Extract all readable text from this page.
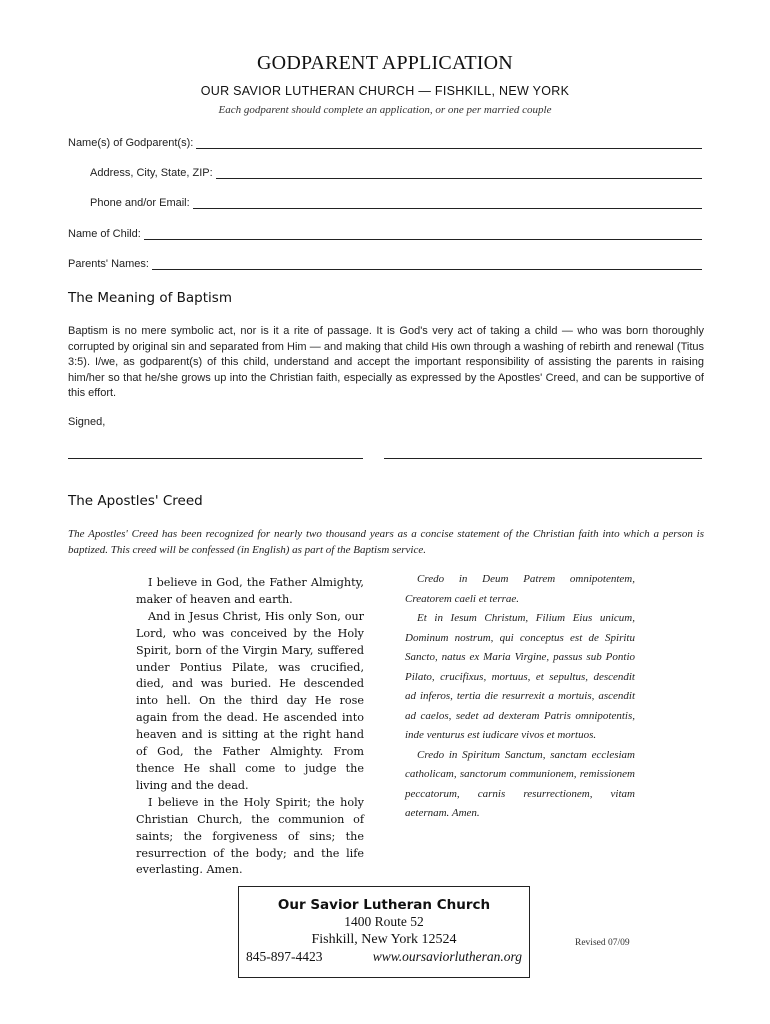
GODPARENT APPLICATION
OUR SAVIOR LUTHERAN CHURCH — FISHKILL, NEW YORK
Each godparent should complete an application, or one per married couple
Name(s) of Godparent(s):
Address, City, State, ZIP:
Phone and/or Email:
Name of Child:
Parents' Names:
The Meaning of Baptism
Baptism is no mere symbolic act, nor is it a rite of passage. It is God's very act of taking a child — who was born thoroughly corrupted by original sin and separated from Him — and making that child His own through a washing of rebirth and renewal (Titus 3:5). I/we, as godparent(s) of this child, understand and accept the important responsibility of assisting the parents in raising him/her so that he/she grows up into the Christian faith, especially as expressed by the Apostles' Creed, and can be supportive of this effort.
Signed,
The Apostles' Creed
The Apostles' Creed has been recognized for nearly two thousand years as a concise statement of the Christian faith into which a person is baptized. This creed will be confessed (in English) as part of the Baptism service.

I believe in God, the Father Almighty, maker of heaven and earth.

And in Jesus Christ, His only Son, our Lord, who was conceived by the Holy Spirit, born of the Virgin Mary, suffered under Pontius Pilate, was crucified, died, and was buried. He descended into hell. On the third day He rose again from the dead. He ascended into heaven and is sitting at the right hand of God, the Father Almighty. From thence He shall come to judge the living and the dead.

I believe in the Holy Spirit; the holy Christian Church, the communion of saints; the forgiveness of sins; the resurrection of the body; and the life everlasting. Amen.

Credo in Deum Patrem omnipotentem, Creatorem caeli et terrae.

Et in Iesum Christum, Filium Eius unicum, Dominum nostrum, qui conceptus est de Spiritu Sancto, natus ex Maria Virgine, passus sub Pontio Pilato, crucifixus, mortuus, et sepultus, descendit ad inferos, tertia die resurrexit a mortuis, ascendit ad caelos, sedet ad dexteram Patris omnipotentis, inde venturus est iudicare vivos et mortuos.

Credo in Spiritum Sanctum, sanctam ecclesiam catholicam, sanctorum communionem, remissionem peccatorum, carnis resurrectionem, vitam aeternam. Amen.

Our Savior Lutheran Church
1400 Route 52
Fishkill, New York 12524
845-897-4423	www.oursaviorlutheran.org
Revised 07/09
